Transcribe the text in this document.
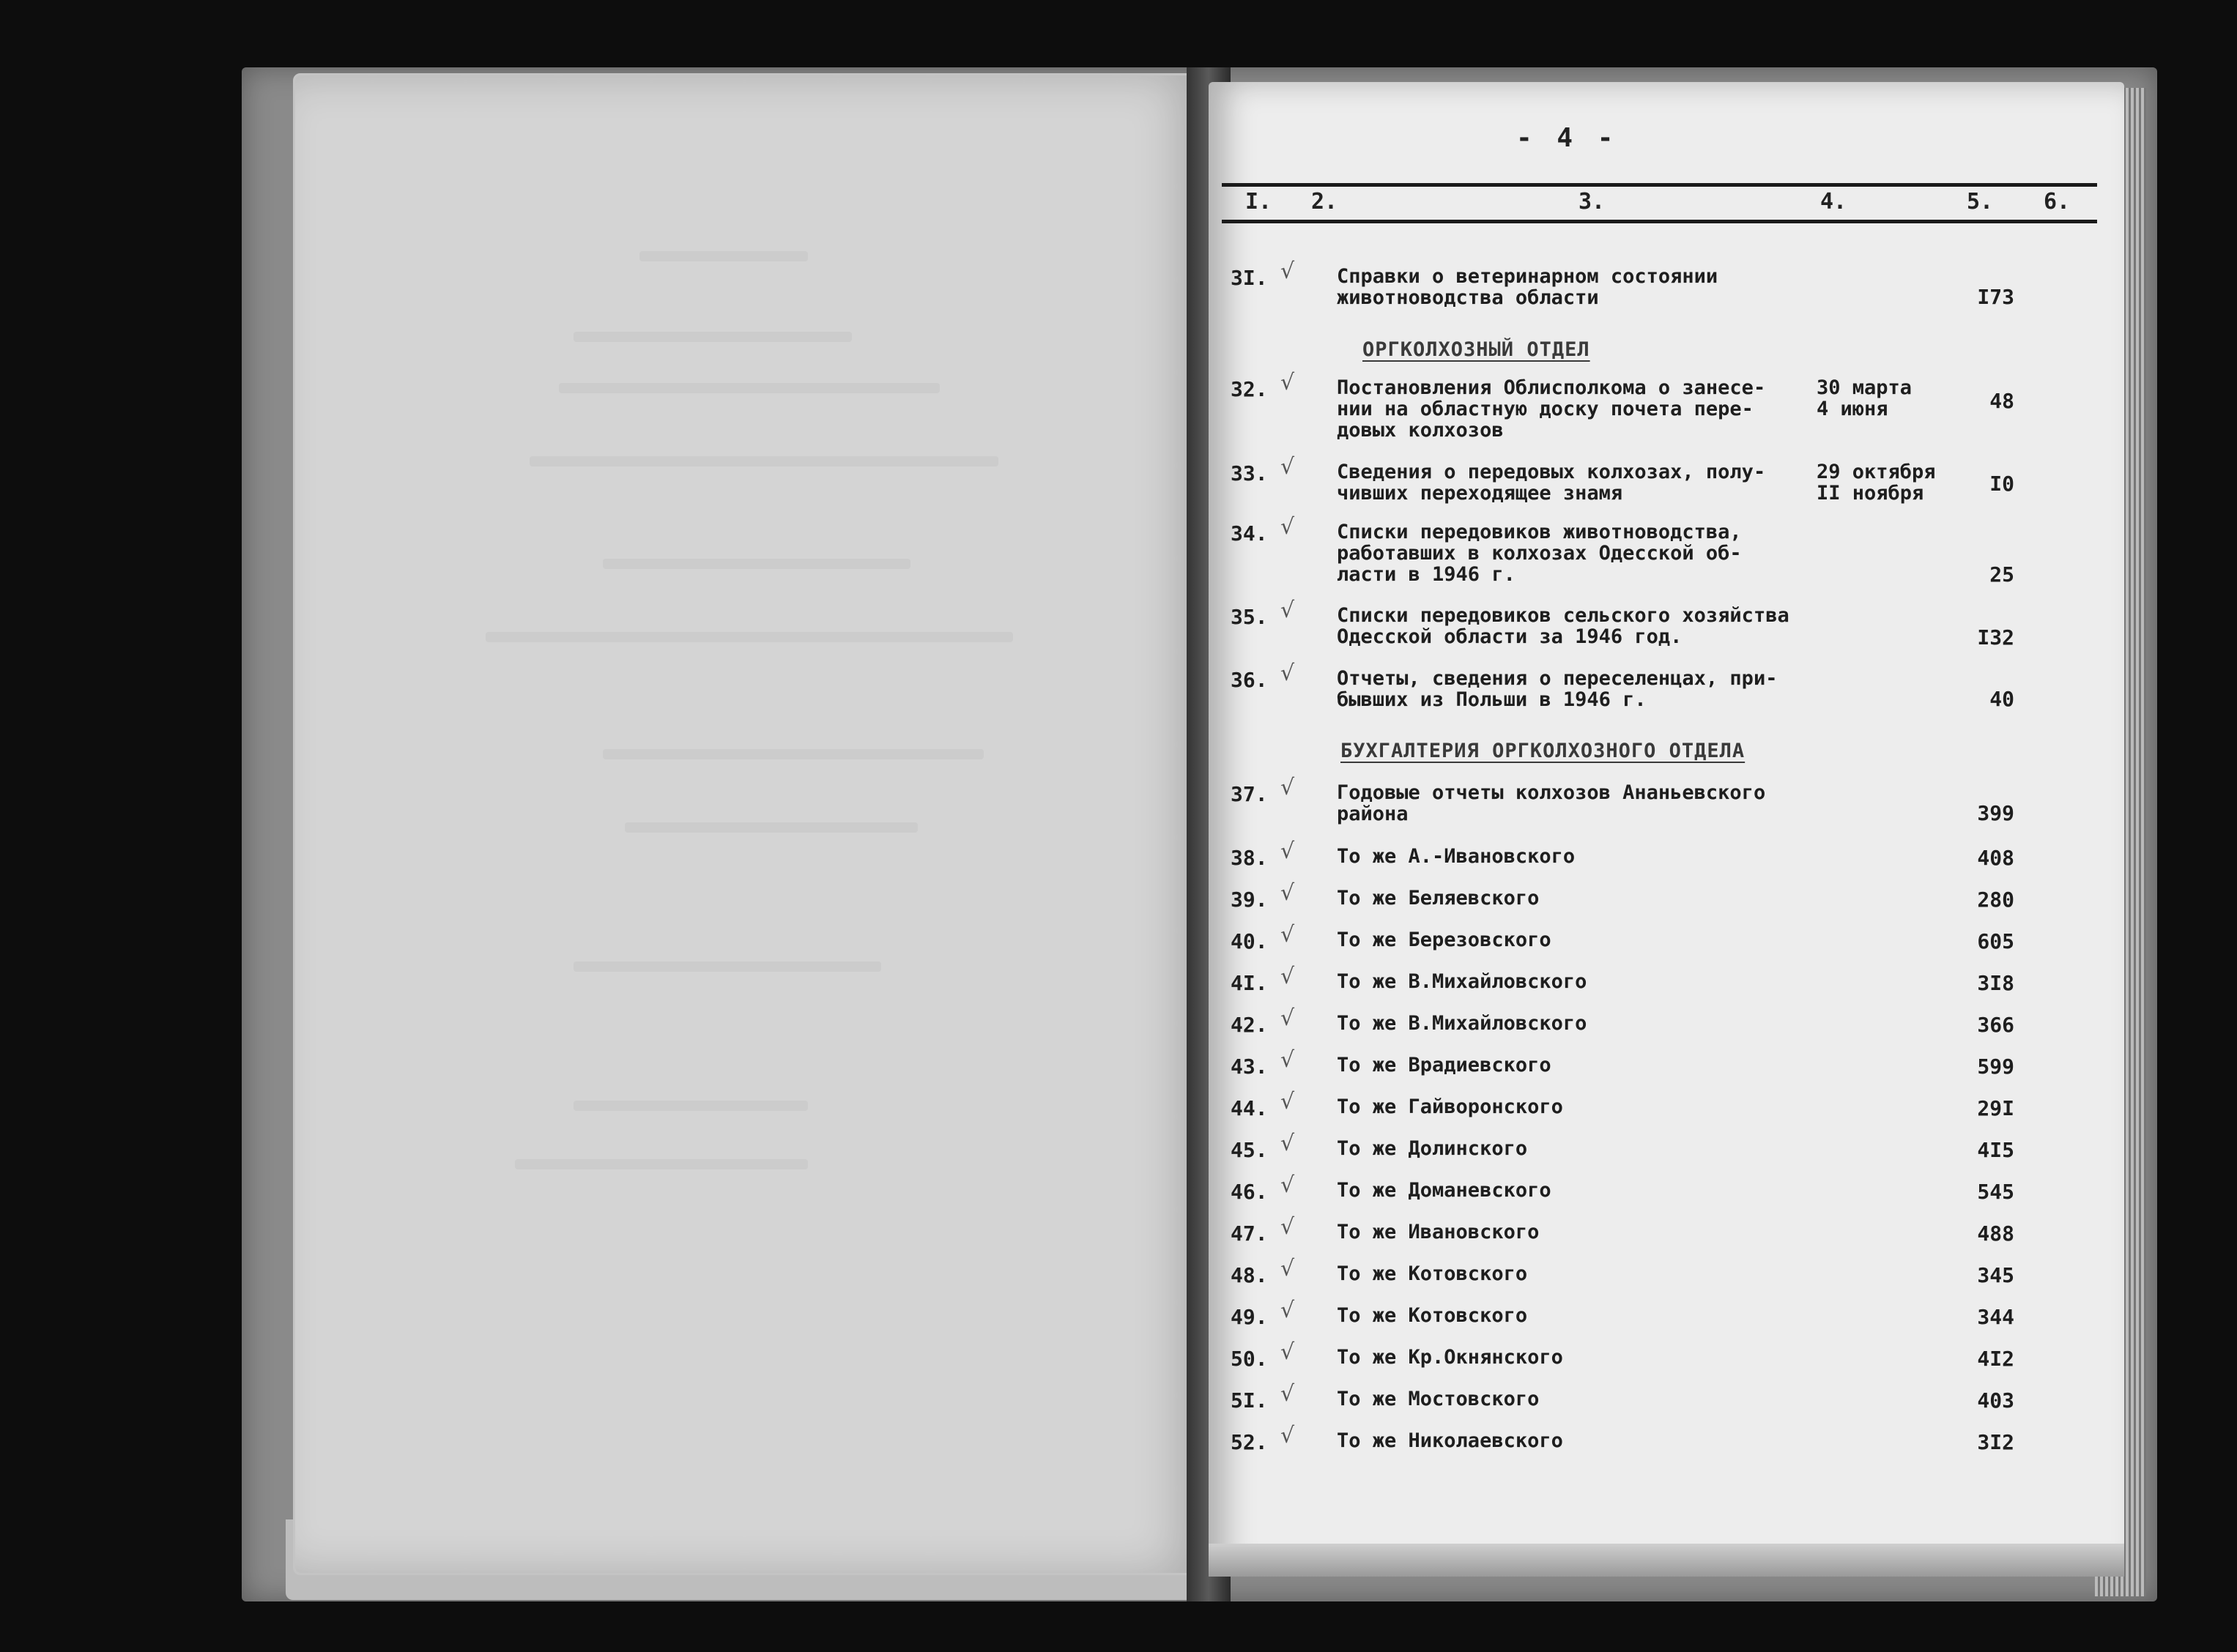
- 4 -
I. 2.	3.	4.	5. 6.
3I. √ Справки о ветеринарном состоянии
животноводства области	I73
ОРГКОЛХОЗНЫЙ ОТДЕЛ
32. √ Постановления Облисполкома о занесе-
нии на областную доску почета пере-
довых колхозов
30 марта
4 июня	48
33. √ Сведения о передовых колхозах, полу-
чивших переходящее знамя
29 октября
II ноября	I0
34. √ Списки передовиков животноводства,
работавших в колхозах Одесской об-
ласти в 1946 г.	25
35. √ Списки передовиков сельского хозяйства
Одесской области за 1946 год.	I32
36. √ Отчеты, сведения о переселенцах, при-
бывших из Польши в 1946 г.	40
БУХГАЛТЕРИЯ ОРГКОЛХОЗНОГО ОТДЕЛА
37. √ Годовые отчеты колхозов Ананьевского
района	399
38. √ То же А.-Ивановского	408
39. √ То же Беляевского	280
40. √ То же Березовского	605
4I. √ То же В.Михайловского	3I8
42. √ То же В.Михайловского	366
43. √ То же Врадиевского	599
44. √ То же Гайворонского	29I
45. √ То же Долинского	4I5
46. √ То же Доманевского	545
47. √ То же Ивановского	488
48. √ То же Котовского	345
49. √ То же Котовского	344
50. √ То же Кр.Окнянского	4I2
5I. √ То же Мостовского	403
52. √ То же Николаевского	3I2
